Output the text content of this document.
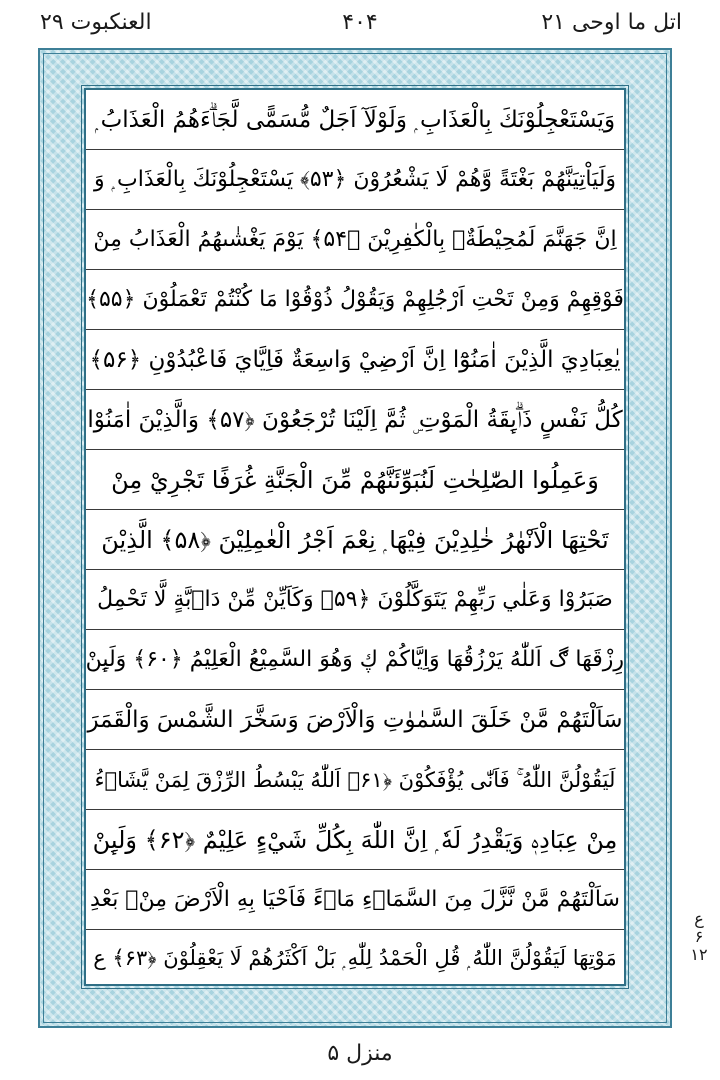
العنکبوت ۲۹	۴۰۴	اتل ما اوحی ۲۱
وَيَسْتَعْجِلُوْنَكَ بِالْعَذَابِ ۭ وَلَوْلَآ اَجَلٌ مُّسَمًّى لَّجَاۗءَهُمُ الْعَذَابُ ۭ
وَلَيَاْتِيَنَّهُمْ بَغْتَةً وَّهُمْ لَا يَشْعُرُوْنَ ﴿۵۳﴾ يَسْتَعْجِلُوْنَكَ بِالْعَذَابِ ۭ وَ
اِنَّ جَهَنَّمَ لَمُحِيْطَةٌۢ بِالْكٰفِرِيْنَ ﴿۵۴﴾ يَوْمَ يَغْشٰىهُمُ الْعَذَابُ مِنْ
فَوْقِهِمْ وَمِنْ تَحْتِ اَرْجُلِهِمْ وَيَقُوْلُ ذُوْقُوْا مَا كُنْتُمْ تَعْمَلُوْنَ ﴿۵۵﴾
يٰعِبَادِيَ الَّذِيْنَ اٰمَنُوْٓا اِنَّ اَرْضِيْ وَاسِعَةٌ فَاِيَّايَ فَاعْبُدُوْنِ ﴿۵۶﴾
كُلُّ نَفْسٍ ذَاۗىِٕقَةُ الْمَوْتِ ۣ ثُمَّ اِلَيْنَا تُرْجَعُوْنَ ﴿۵۷﴾ وَالَّذِيْنَ اٰمَنُوْا
وَعَمِلُوا الصّٰلِحٰتِ لَنُبَوِّئَنَّهُمْ مِّنَ الْجَنَّةِ غُرَفًا تَجْرِيْ مِنْ
تَحْتِهَا الْاَنْهٰرُ خٰلِدِيْنَ فِيْهَا ۭ نِعْمَ اَجْرُ الْعٰمِلِيْنَ ﴿۵۸﴾ الَّذِيْنَ
صَبَرُوْا وَعَلٰي رَبِّهِمْ يَتَوَكَّلُوْنَ ﴿۵۹﴾ وَكَاَيِّنْ مِّنْ دَاۗبَّةٍ لَّا تَحْمِلُ
رِزْقَهَا ڰ اَللّٰهُ يَرْزُقُهَا وَاِيَّاكُمْ ڮ وَهُوَ السَّمِيْعُ الْعَلِيْمُ ﴿۶۰﴾ وَلَىِٕنْ
سَاَلْتَهُمْ مَّنْ خَلَقَ السَّمٰوٰتِ وَالْاَرْضَ وَسَخَّرَ الشَّمْسَ وَالْقَمَرَ
لَيَقُوْلُنَّ اللّٰهُ ۚ فَاَنّٰى يُؤْفَكُوْنَ ﴿۶۱﴾ اَللّٰهُ يَبْسُطُ الرِّزْقَ لِمَنْ يَّشَاۗءُ
مِنْ عِبَادِهٖ وَيَقْدِرُ لَهٗ ۭ اِنَّ اللّٰهَ بِكُلِّ شَيْءٍ عَلِيْمٌ ﴿۶۲﴾ وَلَىِٕنْ
سَاَلْتَهُمْ مَّنْ نَّزَّلَ مِنَ السَّمَاۗءِ مَاۗءً فَاَحْيَا بِهِ الْاَرْضَ مِنْۢ بَعْدِ
مَوْتِهَا لَيَقُوْلُنَّ اللّٰهُ ۭ قُلِ الْحَمْدُ لِلّٰهِ ۭ بَلْ اَكْثَرُهُمْ لَا يَعْقِلُوْنَ ﴿۶۳﴾ ع
ع
۶
۱۲
منزل ۵
